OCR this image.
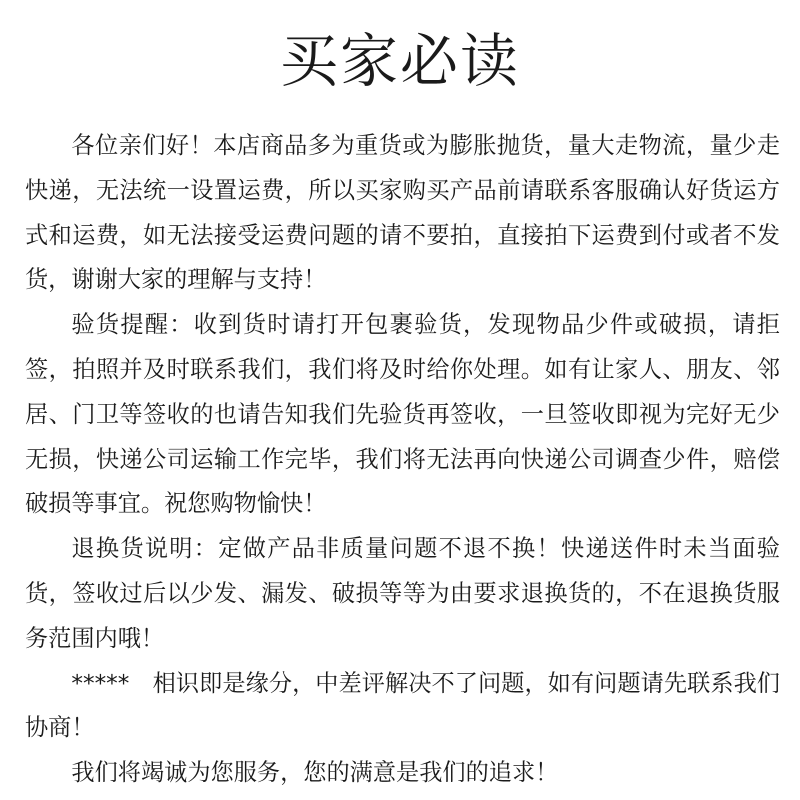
买家必读

各位亲们好！本店商品多为重货或为膨胀抛货，量大走物流，量少走快递，无法统一设置运费，所以买家购买产品前请联系客服确认好货运方式和运费，如无法接受运费问题的请不要拍，直接拍下运费到付或者不发货，谢谢大家的理解与支持！

验货提醒：收到货时请打开包裹验货，发现物品少件或破损，请拒签，拍照并及时联系我们，我们将及时给你处理。如有让家人、朋友、邻居、门卫等签收的也请告知我们先验货再签收，一旦签收即视为完好无少无损，快递公司运输工作完毕，我们将无法再向快递公司调查少件，赔偿破损等事宜。祝您购物愉快！

退换货说明：定做产品非质量问题不退不换！快递送件时未当面验货，签收过后以少发、漏发、破损等等为由要求退换货的，不在退换货服务范围内哦！

*****　相识即是缘分，中差评解决不了问题，如有问题请先联系我们协商！

我们将竭诚为您服务，您的满意是我们的追求！
